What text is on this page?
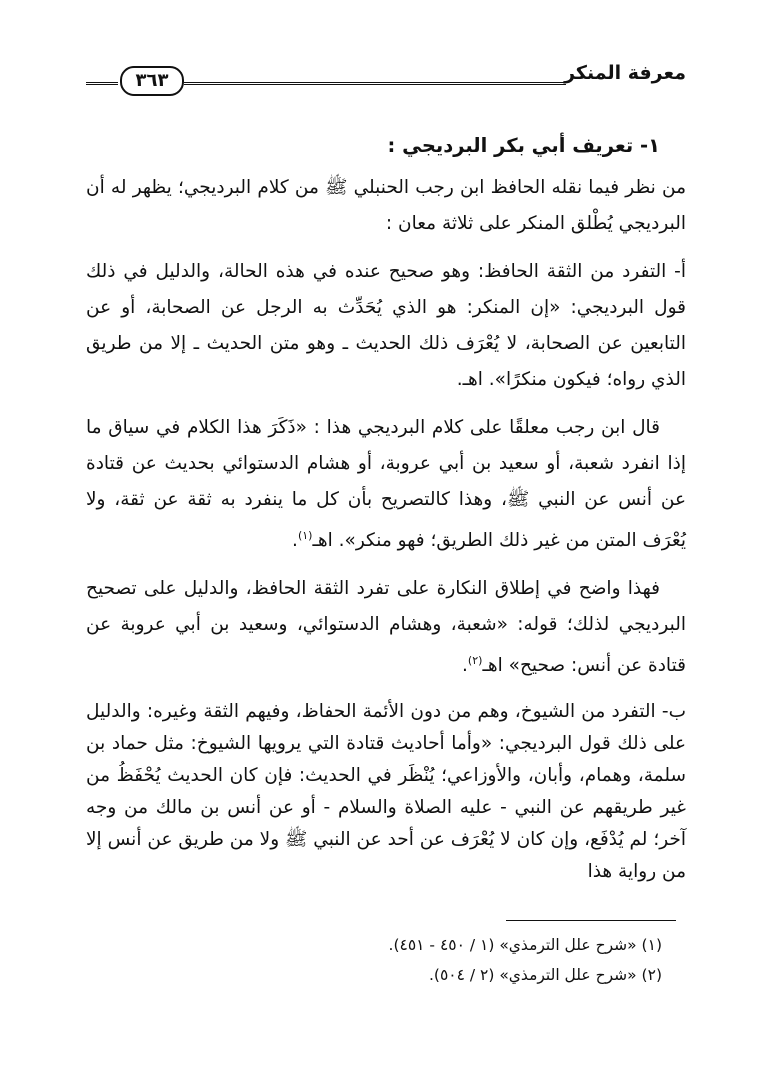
معرفة المنكر
٣٦٣
١- تعريف أبي بكر البرديجي :

من نظر فيما نقله الحافظ ابن رجب الحنبلي ﷺ من كلام البرديجي؛ يظهر له أن البرديجي يُطْلق المنكر على ثلاثة معان :

أ- التفرد من الثقة الحافظ: وهو صحيح عنده في هذه الحالة، والدليل في ذلك قول البرديجي: «إن المنكر: هو الذي يُحَدِّث به الرجل عن الصحابة، أو عن التابعين عن الصحابة، لا يُعْرَف ذلك الحديث ـ وهو متن الحديث ـ إلا من طريق الذي رواه؛ فيكون منكرًا». اهـ.

قال ابن رجب معلقًا على كلام البرديجي هذا : «ذَكَرَ هذا الكلام في سياق ما إذا انفرد شعبة، أو سعيد بن أبي عروبة، أو هشام الدستوائي بحديث عن قتادة عن أنس عن النبي ﷺ، وهذا كالتصريح بأن كل ما ينفرد به ثقة عن ثقة، ولا يُعْرَف المتن من غير ذلك الطريق؛ فهو منكر». اهـ$^{(١)}$.

فهذا واضح في إطلاق النكارة على تفرد الثقة الحافظ، والدليل على تصحيح البرديجي لذلك؛ قوله: «شعبة، وهشام الدستوائي، وسعيد بن أبي عروبة عن قتادة عن أنس: صحيح» اهـ$^{(٢)}$.

ب- التفرد من الشيوخ، وهم من دون الأئمة الحفاظ، وفيهم الثقة وغيره: والدليل على ذلك قول البرديجي: «وأما أحاديث قتادة التي يرويها الشيوخ: مثل حماد بن سلمة، وهمام، وأبان، والأوزاعي؛ يُنْظَر في الحديث: فإن كان الحديث يُحْفَظُ من غير طريقهم عن النبي - عليه الصلاة والسلام - أو عن أنس بن مالك من وجه آخر؛ لم يُدْفَع، وإن كان لا يُعْرَف عن أحد عن النبي ﷺ ولا من طريق عن أنس إلا من رواية هذا

(١) «شرح علل الترمذي» (١ / ٤٥٠ - ٤٥١).
(٢) «شرح علل الترمذي» (٢ / ٥٠٤).
